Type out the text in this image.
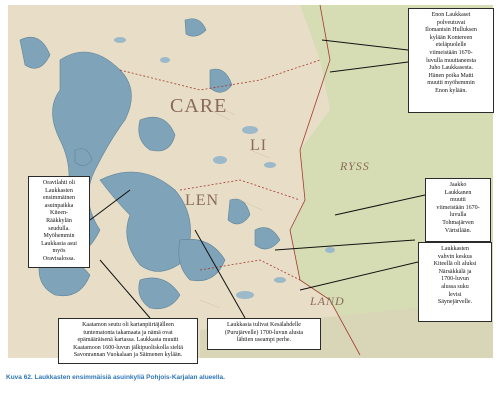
CARE
LI
LEN
RYSS
LAND
Enon Laukkaset
polveutuvat
Ilomantsin Hulluksen
kylään Kontereen
eteläpuolelle
viimeistään 1670-
luvulla muuttaneesta
Juho Laukkasesta.
Hänen poika Matti
muutti myöhemmin
Enon kylään.
Oravilahti oli
Laukkasten
ensimmäinen
asuinpaikka
Kiteen-
Rääkkylän
seudulla.
Myöhemmin
Laukkasia asui
myös
Oravisalossa.
Jaakko
Laukkanen
muutti
viimeistään 1670-
luvulla
Tohmajärven
Värtsilään.
Laukkasten
vahvin keskus
Kiteellä oli aluksi
Närsäkkälä ja
1700-luvun
alussa suku
levisi
Säynejärvelle.
Kaatamon seutu oli kartanpiirtäjälleen
tuntematonta takamaata ja nämä ovat
epämääräisenä kartassa. Laukkasta muutti
Kaatamoon 1600-luvun jälkipuoliskolla sieltä
Savonrannan Vuokalaan ja Säimenen kylään.
Laukkasia tulivat Kesälahdelle
(Purujärvelle) 1700-luvun alusta
lähtien useampi perhe.
Kuva 62. Laukkasten ensimmäisiä asuinkyliä Pohjois-Karjalan alueella.
